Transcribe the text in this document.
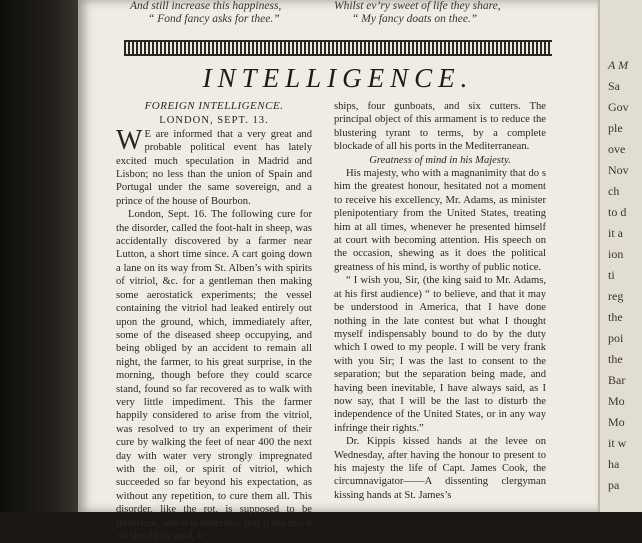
And still increase this happiness,
“ Fond fancy asks for thee.”
Whilst ev’ry sweet of life they share,
“ My fancy doats on thee.”
INTELLIGENCE.
FOREIGN INTELLIGENCE.
LONDON, SEPT. 13.

W E are informed that a very great and probable political event has lately excited much speculation in Madrid and Lisbon; no less than the union of Spain and Portugal under the same sovereign, and a prince of the house of Bourbon.

London, Sept. 16. The following cure for the disorder, called the foot-halt in sheep, was accidentally discovered by a farmer near Lutton, a short time since. A cart going down a lane on its way from St. Alben’s with spirits of vitriol, &c. for a gentleman then making some aerostatick experiments; the vessel containing the vitriol had leaked entirely out upon the ground, which, immediately after, some of the diseased sheep occupying, and being obliged by an accident to remain all night, the farmer, to his great surprise, in the morning, though before they could scarce stand, found so far recovered as to walk with very little impediment. This the farmer happily considered to arise from the vitriol, was resolved to try an experiment of their cure by walking the feet of near 400 the next day with water very strongly impregnated with the oil, or spirit of vitriol, which succeeded so far beyond his expectation, as without any repetition, to cure them all. This disorder, like the rot, is supposed to be infectious, and it is observed, that if too much oil should be used, it

ships, four gunboats, and six cutters. The principal object of this armament is to reduce the blustering tyrant to terms, by a complete blockade of all his ports in the Mediterranean.

Greatness of mind in his Majesty.

His majesty, who with a magnanimity that do s him the greatest honour, hesitated not a moment to receive his excellency, Mr. Adams, as minister plenipotentiary from the United States, treating him at all times, whenever he presented himself at court with becoming attention. His speech on the occasion, shewing as it does the political greatness of his mind, is worthy of public notice.

“ I wish you, Sir, (the king said to Mr. Adams, at his first audience) “ to believe, and that it may be understood in America, that I have done nothing in the late contest but what I thought myself indispensably bound to do by the duty which I owed to my people. I will be very frank with you Sir; I was the last to consent to the separation; but the separation being made, and having been inevitable, I have always said, as I now say, that I will be the last to disturb the independence of the United States, or in any way infringe their rights.”

Dr. Kippis kissed hands at the levee on Wednesday, after having the honour to present to his majesty the life of Capt. James Cook, the circumnavigator——A dissenting clergyman kissing hands at St. James’s

A M
Sa
Gov
ple
ove
Nov
ch
to d
it a
ion
ti
reg
the
poi
the
Bar
Mo
Mo
it w
ha
pa
